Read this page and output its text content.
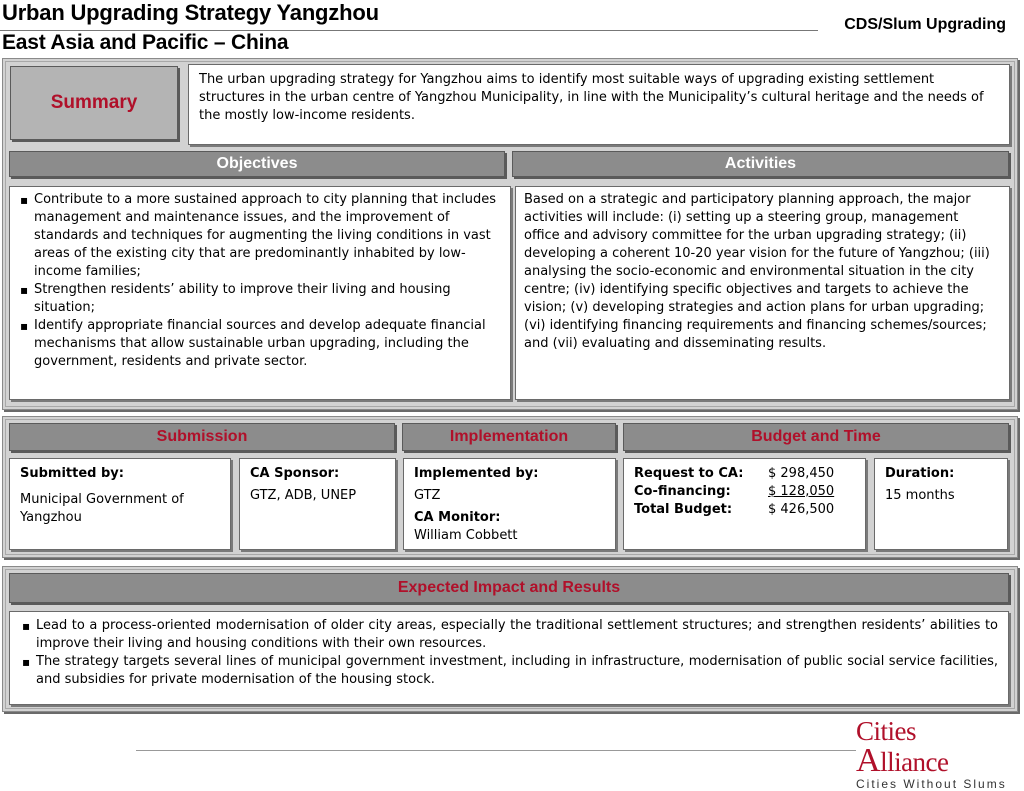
Urban Upgrading Strategy Yangzhou
East Asia and Pacific – China
CDS/Slum Upgrading
Summary
The urban upgrading strategy for Yangzhou aims to identify most suitable ways of upgrading existing settlement structures in the urban centre of Yangzhou Municipality, in line with the Municipality’s cultural heritage and the needs of the mostly low-income residents.
Objectives	Activities
▪ Contribute to a more sustained approach to city planning that includes management and maintenance issues, and the improvement of standards and techniques for augmenting the living conditions in vast areas of the existing city that are predominantly inhabited by low-income families;
▪ Strengthen residents’ ability to improve their living and housing situation;
▪ Identify appropriate financial sources and develop adequate financial mechanisms that allow sustainable urban upgrading, including the government, residents and private sector.
Based on a strategic and participatory planning approach, the major activities will include: (i) setting up a steering group, management office and advisory committee for the urban upgrading strategy; (ii) developing a coherent 10-20 year vision for the future of Yangzhou; (iii) analysing the socio-economic and environmental situation in the city centre; (iv) identifying specific objectives and targets to achieve the vision; (v) developing strategies and action plans for urban upgrading; (vi) identifying financing requirements and financing schemes/sources; and (vii) evaluating and disseminating results.
Submission	Implementation	Budget and Time
Submitted by:
Municipal Government of Yangzhou
CA Sponsor:
GTZ, ADB, UNEP
Implemented by:
GTZ
CA Monitor:
William Cobbett
Request to CA:	$ 298,450
Co-financing:	$ 128,050
Total Budget:	$ 426,500
Duration:
15 months
Expected Impact and Results
▪ Lead to a process-oriented modernisation of older city areas, especially the traditional settlement structures; and strengthen residents’ abilities to improve their living and housing conditions with their own resources.
▪ The strategy targets several lines of municipal government investment, including in infrastructure, modernisation of public social service facilities, and subsidies for private modernisation of the housing stock.
Cities Alliance
Cities Without Slums
